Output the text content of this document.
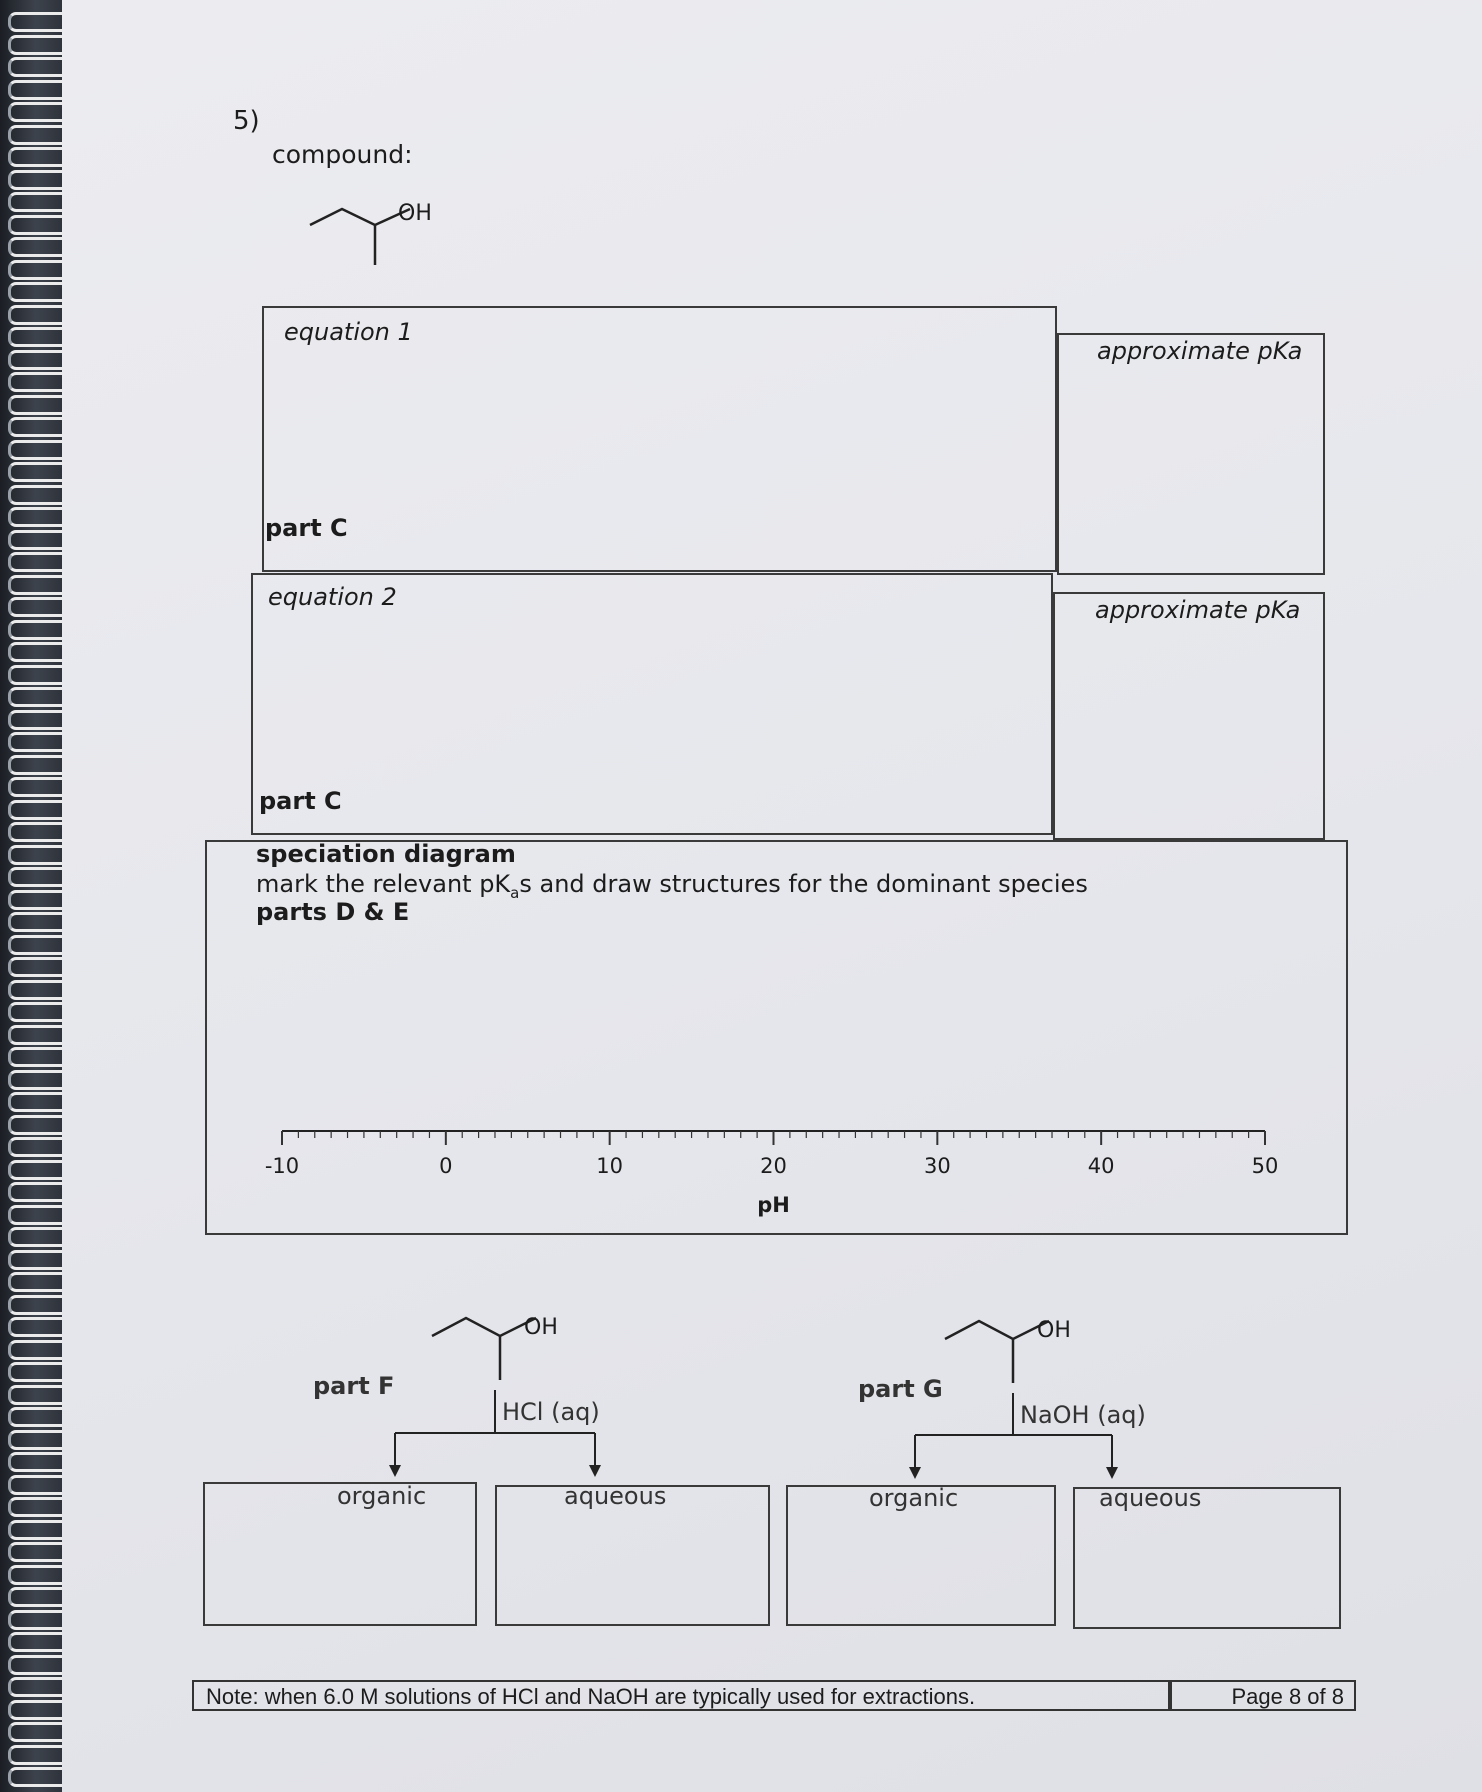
5)
compound:
OH
equation 1
part C
approximate pKa
equation 2
part C
approximate pKa
speciation diagram
mark the relevant $pK_as$ and draw structures for the dominant species
parts D & E
-10	0	10	20	30	40	50
pH
part F
OH
HCl (aq)
organic	aqueous
part G
OH
NaOH (aq)
organic	aqueous
Note: when 6.0 M solutions of HCl and NaOH are typically used for extractions.	Page 8 of 8
